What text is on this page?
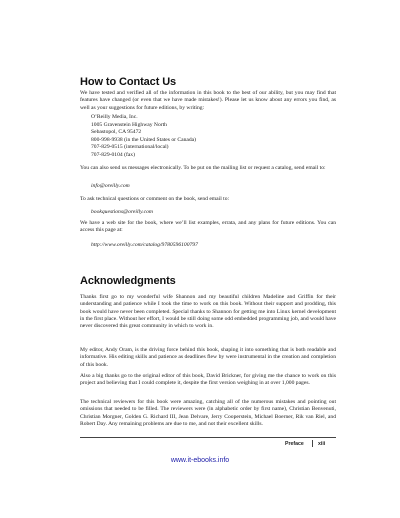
How to Contact Us

We have tested and verified all of the information in this book to the best of our ability, but you may find that features have changed (or even that we have made mistakes!). Please let us know about any errors you find, as well as your suggestions for future editions, by writing:

O’Reilly Media, Inc.
1005 Gravenstein Highway North
Sebastopol, CA 95472
800-998-9938 (in the United States or Canada)
707-829-0515 (international/local)
707-829-0104 (fax)

You can also send us messages electronically. To be put on the mailing list or request a catalog, send email to:

info@oreilly.com

To ask technical questions or comment on the book, send email to:

bookquestions@oreilly.com

We have a web site for the book, where we’ll list examples, errata, and any plans for future editions. You can access this page at:

http://www.oreilly.com/catalog/9780596100797

Acknowledgments

Thanks first go to my wonderful wife Shannon and my beautiful children Madeline and Griffin for their understanding and patience while I took the time to work on this book. Without their support and prodding, this book would have never been completed. Special thanks to Shannon for getting me into Linux kernel development in the first place. Without her effort, I would be still doing some odd embedded programming job, and would have never discovered this great community in which to work in.

My editor, Andy Oram, is the driving force behind this book, shaping it into something that is both readable and informative. His editing skills and patience as deadlines flew by were instrumental in the creation and completion of this book.

Also a big thanks go to the original editor of this book, David Brickner, for giving me the chance to work on this project and believing that I could complete it, despite the first version weighing in at over 1,000 pages.

The technical reviewers for this book were amazing, catching all of the numerous mistakes and pointing out omissions that needed to be filled. The reviewers were (in alphabetic order by first name), Christian Benvenuti, Christian Morgner, Golden G. Richard III, Jean Delvare, Jerry Cooperstein, Michael Boerner, Rik van Riel, and Robert Day. Any remaining problems are due to me, and not their excellent skills.

Preface	xiii
www.it-ebooks.info
